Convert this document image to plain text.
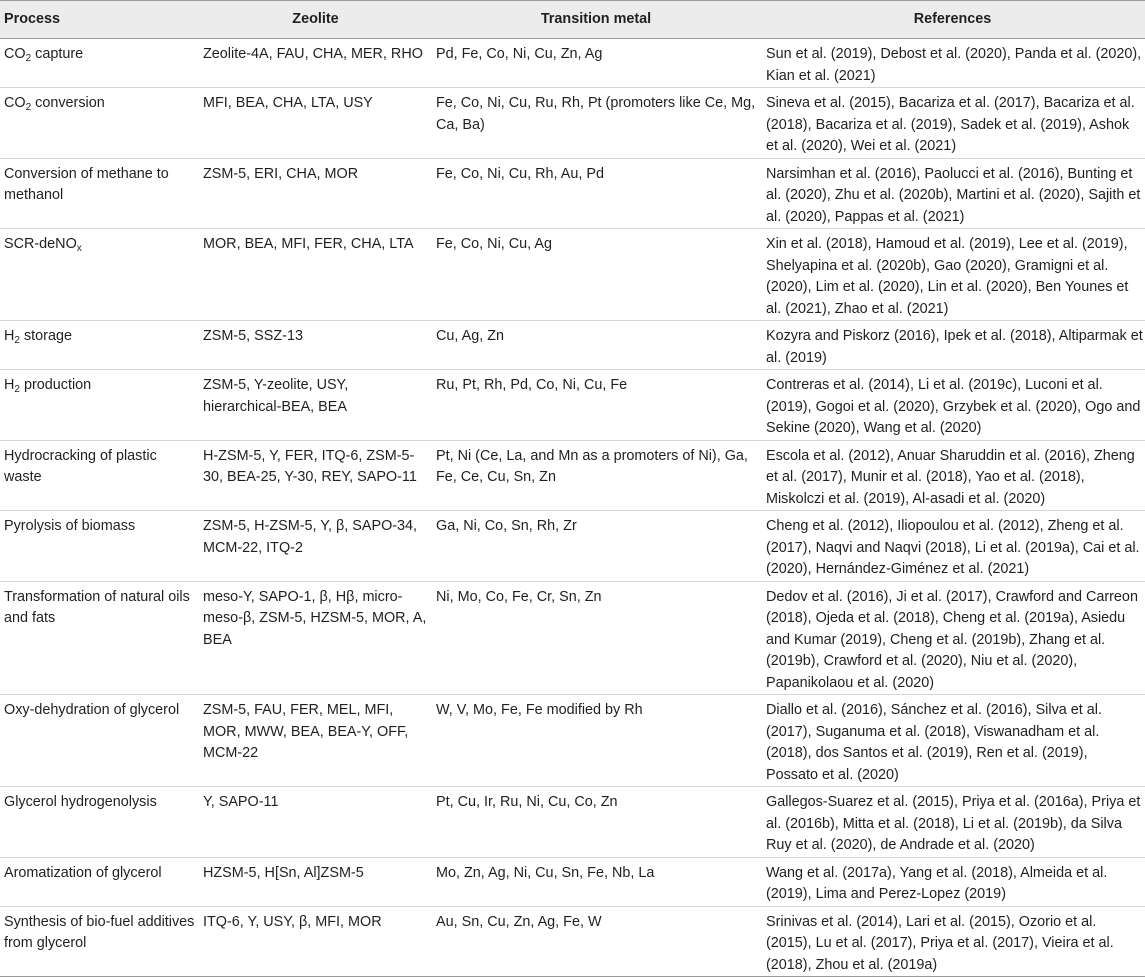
Process	Zeolite	Transition metal	References
$CO_2$ capture	Zeolite-4A, FAU, CHA, MER, RHO	Pd, Fe, Co, Ni, Cu, Zn, Ag	Sun et al. (2019), Debost et al. (2020), Panda et al. (2020), Kian et al. (2021)
$CO_2$ conversion	MFI, BEA, CHA, LTA, USY	Fe, Co, Ni, Cu, Ru, Rh, Pt (promoters like Ce, Mg, Ca, Ba)	Sineva et al. (2015), Bacariza et al. (2017), Bacariza et al. (2018), Bacariza et al. (2019), Sadek et al. (2019), Ashok et al. (2020), Wei et al. (2021)
Conversion of methane to methanol	ZSM-5, ERI, CHA, MOR	Fe, Co, Ni, Cu, Rh, Au, Pd	Narsimhan et al. (2016), Paolucci et al. (2016), Bunting et al. (2020), Zhu et al. (2020b), Martini et al. (2020), Sajith et al. (2020), Pappas et al. (2021)
SCR-deNO$_x$	MOR, BEA, MFI, FER, CHA, LTA	Fe, Co, Ni, Cu, Ag	Xin et al. (2018), Hamoud et al. (2019), Lee et al. (2019), Shelyapina et al. (2020b), Gao (2020), Gramigni et al. (2020), Lim et al. (2020), Lin et al. (2020), Ben Younes et al. (2021), Zhao et al. (2021)
$H_2$ storage	ZSM-5, SSZ-13	Cu, Ag, Zn	Kozyra and Piskorz (2016), Ipek et al. (2018), Altiparmak et al. (2019)
$H_2$ production	ZSM-5, Y-zeolite, USY, hierarchical-BEA, BEA	Ru, Pt, Rh, Pd, Co, Ni, Cu, Fe	Contreras et al. (2014), Li et al. (2019c), Luconi et al. (2019), Gogoi et al. (2020), Grzybek et al. (2020), Ogo and Sekine (2020), Wang et al. (2020)
Hydrocracking of plastic waste	H-ZSM-5, Y, FER, ITQ-6, ZSM-5-30, BEA-25, Y-30, REY, SAPO-11	Pt, Ni (Ce, La, and Mn as a promoters of Ni), Ga, Fe, Ce, Cu, Sn, Zn	Escola et al. (2012), Anuar Sharuddin et al. (2016), Zheng et al. (2017), Munir et al. (2018), Yao et al. (2018), Miskolczi et al. (2019), Al-asadi et al. (2020)
Pyrolysis of biomass	ZSM-5, H-ZSM-5, Y, β, SAPO-34, MCM-22, ITQ-2	Ga, Ni, Co, Sn, Rh, Zr	Cheng et al. (2012), Iliopoulou et al. (2012), Zheng et al. (2017), Naqvi and Naqvi (2018), Li et al. (2019a), Cai et al. (2020), Hernández-Giménez et al. (2021)
Transformation of natural oils and fats	meso-Y, SAPO-1, β, Hβ, micro-meso-β, ZSM-5, HZSM-5, MOR, A, BEA	Ni, Mo, Co, Fe, Cr, Sn, Zn	Dedov et al. (2016), Ji et al. (2017), Crawford and Carreon (2018), Ojeda et al. (2018), Cheng et al. (2019a), Asiedu and Kumar (2019), Cheng et al. (2019b), Zhang et al. (2019b), Crawford et al. (2020), Niu et al. (2020), Papanikolaou et al. (2020)
Oxy-dehydration of glycerol	ZSM-5, FAU, FER, MEL, MFI, MOR, MWW, BEA, BEA-Y, OFF, MCM-22	W, V, Mo, Fe, Fe modified by Rh	Diallo et al. (2016), Sánchez et al. (2016), Silva et al. (2017), Suganuma et al. (2018), Viswanadham et al. (2018), dos Santos et al. (2019), Ren et al. (2019), Possato et al. (2020)
Glycerol hydrogenolysis	Y, SAPO-11	Pt, Cu, Ir, Ru, Ni, Cu, Co, Zn	Gallegos-Suarez et al. (2015), Priya et al. (2016a), Priya et al. (2016b), Mitta et al. (2018), Li et al. (2019b), da Silva Ruy et al. (2020), de Andrade et al. (2020)
Aromatization of glycerol	HZSM-5, H[Sn, Al]ZSM-5	Mo, Zn, Ag, Ni, Cu, Sn, Fe, Nb, La	Wang et al. (2017a), Yang et al. (2018), Almeida et al. (2019), Lima and Perez-Lopez (2019)
Synthesis of bio-fuel additives from glycerol	ITQ-6, Y, USY, β, MFI, MOR	Au, Sn, Cu, Zn, Ag, Fe, W	Srinivas et al. (2014), Lari et al. (2015), Ozorio et al. (2015), Lu et al. (2017), Priya et al. (2017), Vieira et al. (2018), Zhou et al. (2019a)
